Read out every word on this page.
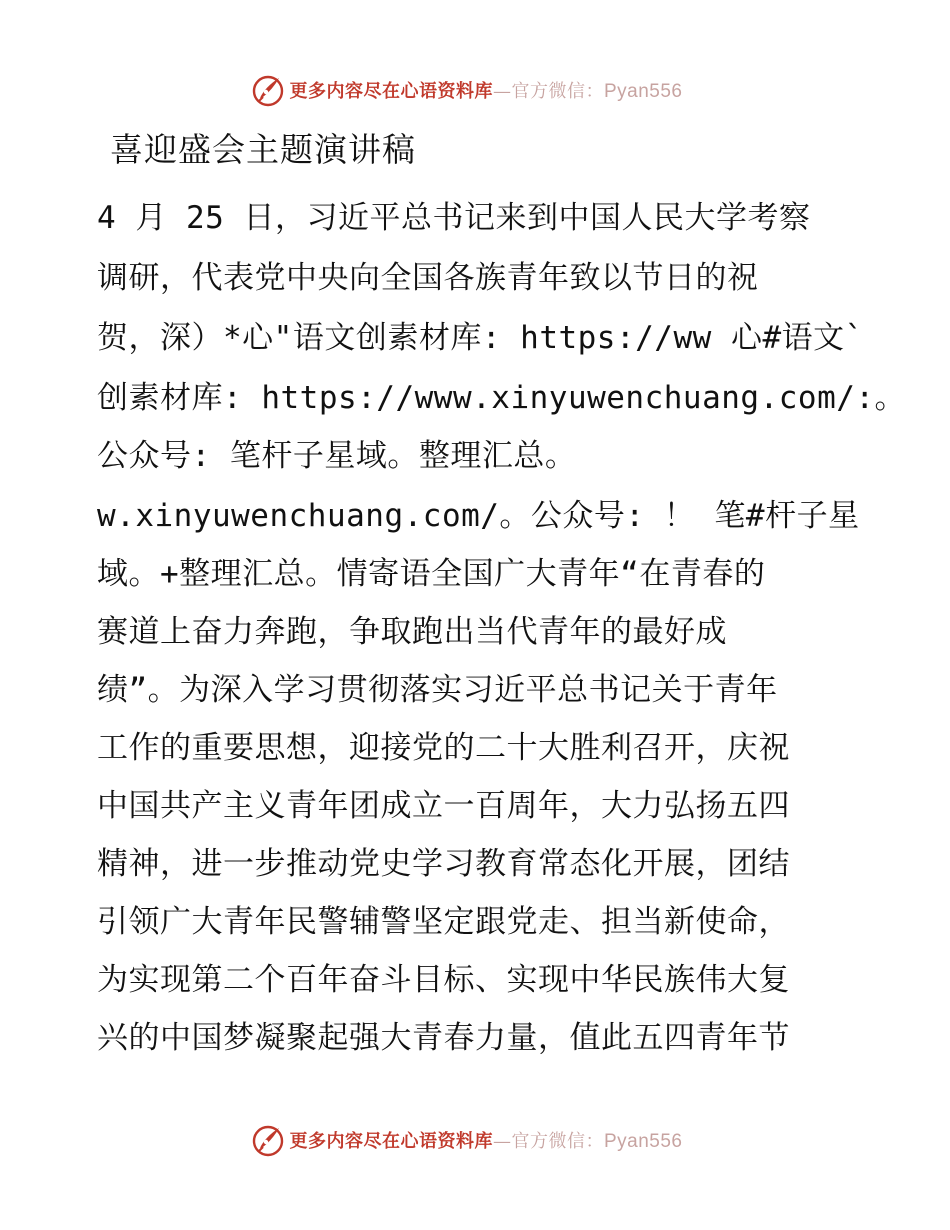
更多内容尽在心语资料库—官方微信：Pyan556
喜迎盛会主题演讲稿
4 月 25 日，习近平总书记来到中国人民大学考察
调研，代表党中央向全国各族青年致以节日的祝
贺，深）*心"语文创素材库: https://ww 心#语文`
创素材库: https://www.xinyuwenchuang.com/:。
公众号: 笔杆子星域。整理汇总。
w.xinyuwenchuang.com/。公众号: ！ 笔#杆子星
域。+整理汇总。情寄语全国广大青年“在青春的
赛道上奋力奔跑，争取跑出当代青年的最好成
绩”。为深入学习贯彻落实习近平总书记关于青年
工作的重要思想，迎接党的二十大胜利召开，庆祝
中国共产主义青年团成立一百周年，大力弘扬五四
精神，进一步推动党史学习教育常态化开展，团结
引领广大青年民警辅警坚定跟党走、担当新使命，
为实现第二个百年奋斗目标、实现中华民族伟大复
兴的中国梦凝聚起强大青春力量，值此五四青年节
更多内容尽在心语资料库—官方微信：Pyan556
